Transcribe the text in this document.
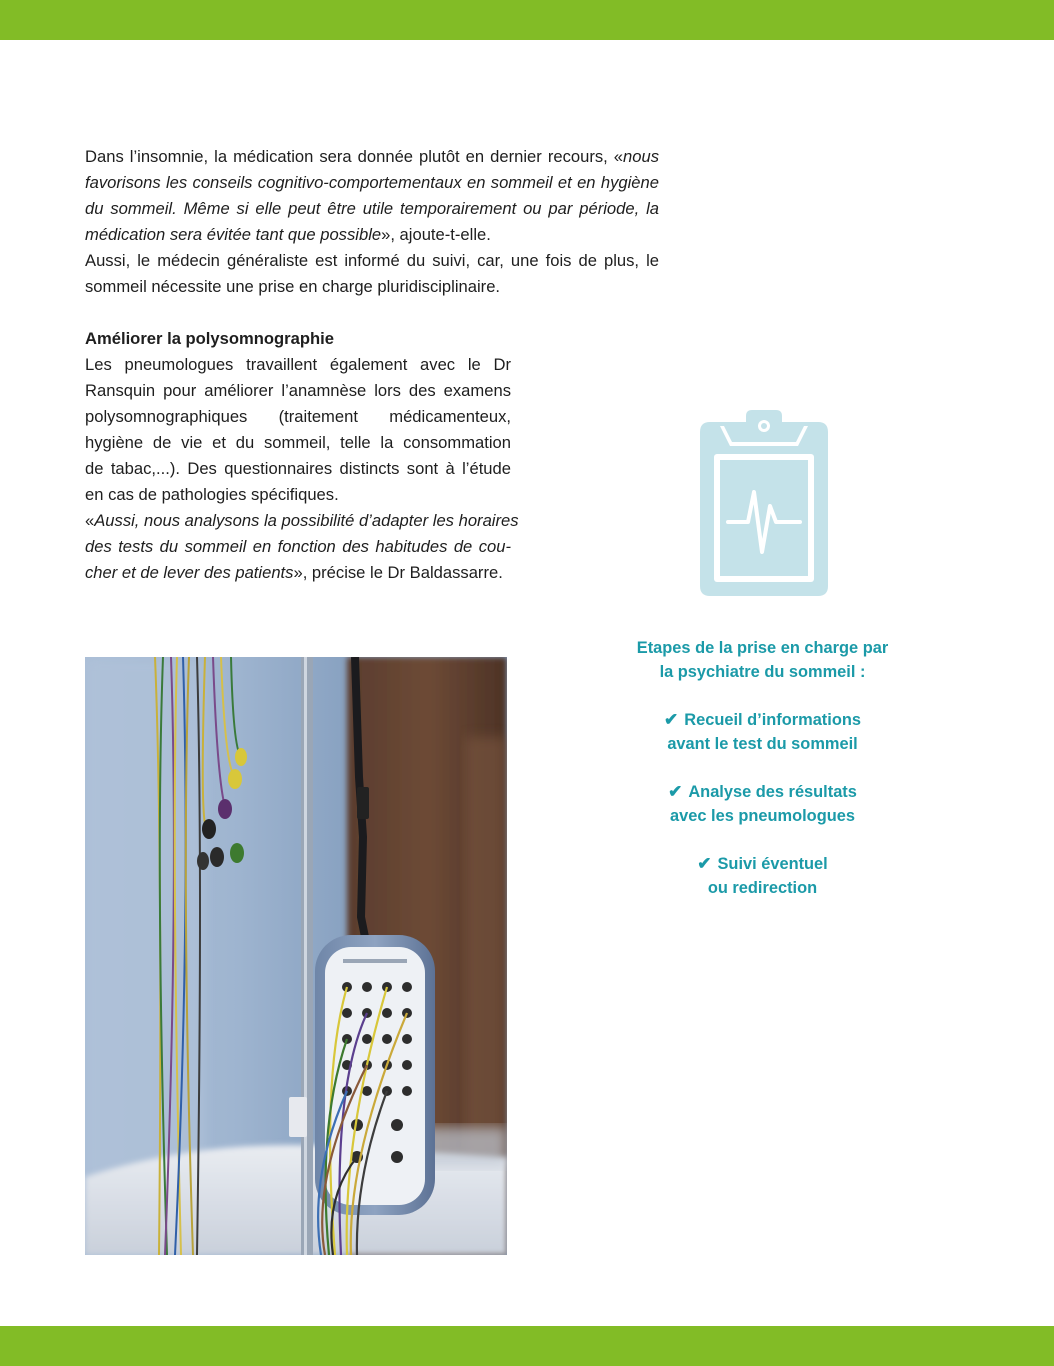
Dans l’insomnie, la médication sera donnée plutôt en dernier recours, «nous
favorisons les conseils cognitivo-comportementaux en sommeil et en hygiène
du sommeil. Même si elle peut être utile temporairement ou par période, la
médication sera évitée tant que possible», ajoute-t-elle.
Aussi, le médecin généraliste est informé du suivi, car, une fois de plus, le
sommeil nécessite une prise en charge pluridisciplinaire.
Améliorer la polysomnographie
Les pneumologues travaillent également avec le Dr
Ransquin pour améliorer l’anamnèse lors des examens
polysomnographiques (traitement médicamenteux,
hygiène de vie et du sommeil, telle la consommation
de tabac,...). Des questionnaires distincts sont à l’étude
en cas de pathologies spécifiques.
«Aussi, nous analysons la possibilité d’adapter les horaires
des tests du sommeil en fonction des habitudes de cou-
cher et de lever des patients», précise le Dr Baldassarre.
Etapes de la prise en charge par
la psychiatre du sommeil :
✔ Recueil d’informations
avant le test du sommeil
✔ Analyse des résultats
avec les pneumologues
✔ Suivi éventuel
ou redirection
